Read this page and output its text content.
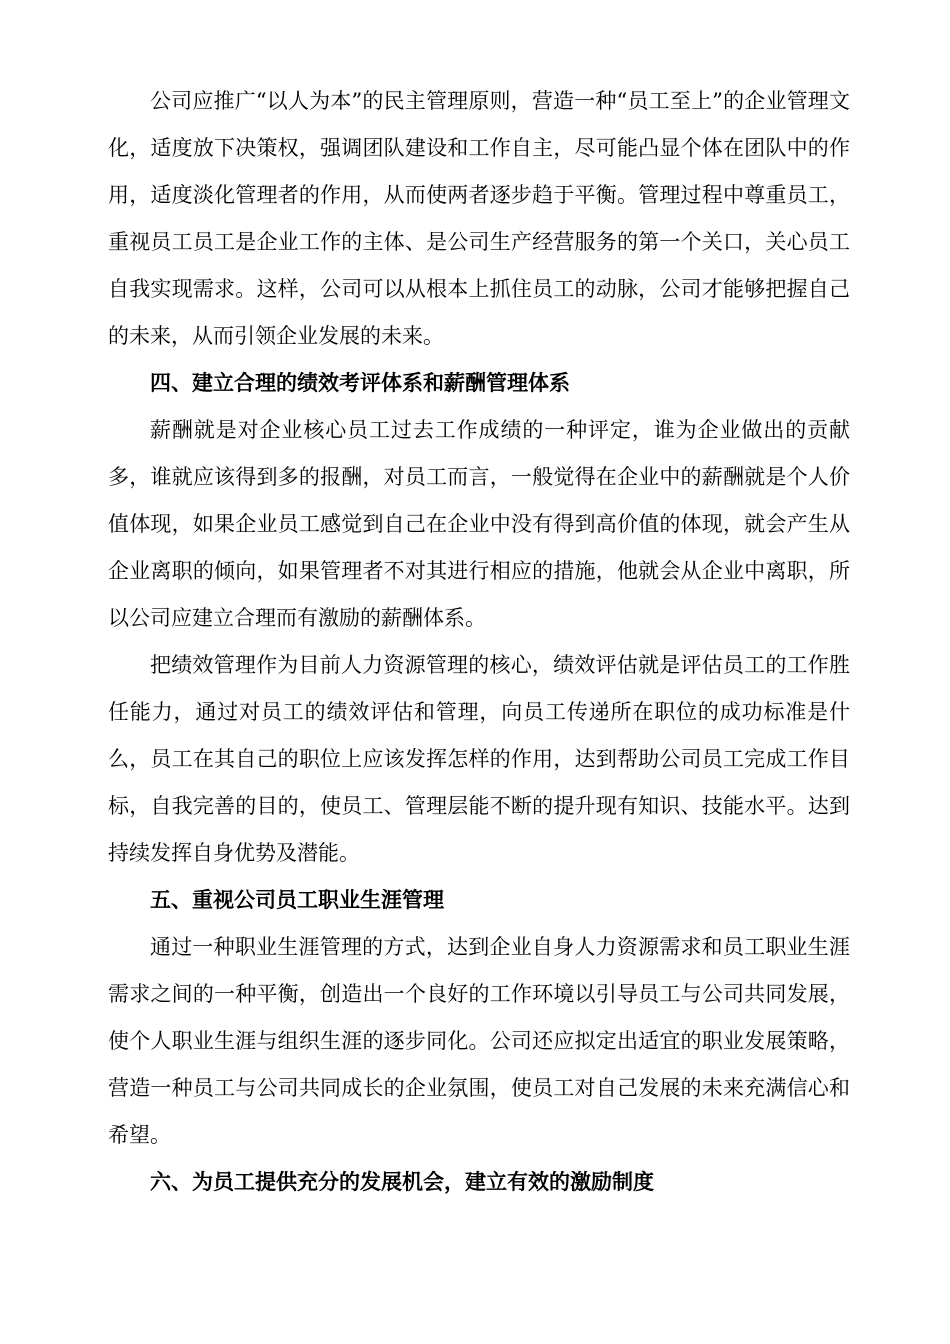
公司应推广“以人为本”的民主管理原则，营造一种“员工至上”的企业管理文化，适度放下决策权，强调团队建设和工作自主，尽可能凸显个体在团队中的作用，适度淡化管理者的作用，从而使两者逐步趋于平衡。管理过程中尊重员工，重视员工员工是企业工作的主体、是公司生产经营服务的第一个关口，关心员工自我实现需求。这样，公司可以从根本上抓住员工的动脉，公司才能够把握自己的未来，从而引领企业发展的未来。

四、建立合理的绩效考评体系和薪酬管理体系

薪酬就是对企业核心员工过去工作成绩的一种评定，谁为企业做出的贡献多，谁就应该得到多的报酬，对员工而言，一般觉得在企业中的薪酬就是个人价值体现，如果企业员工感觉到自己在企业中没有得到高价值的体现，就会产生从企业离职的倾向，如果管理者不对其进行相应的措施，他就会从企业中离职，所以公司应建立合理而有激励的薪酬体系。

把绩效管理作为目前人力资源管理的核心，绩效评估就是评估员工的工作胜任能力，通过对员工的绩效评估和管理，向员工传递所在职位的成功标准是什么，员工在其自己的职位上应该发挥怎样的作用，达到帮助公司员工完成工作目标，自我完善的目的，使员工、管理层能不断的提升现有知识、技能水平。达到持续发挥自身优势及潜能。

五、重视公司员工职业生涯管理

通过一种职业生涯管理的方式，达到企业自身人力资源需求和员工职业生涯需求之间的一种平衡，创造出一个良好的工作环境以引导员工与公司共同发展，使个人职业生涯与组织生涯的逐步同化。公司还应拟定出适宜的职业发展策略，营造一种员工与公司共同成长的企业氛围，使员工对自己发展的未来充满信心和希望。

六、为员工提供充分的发展机会，建立有效的激励制度
